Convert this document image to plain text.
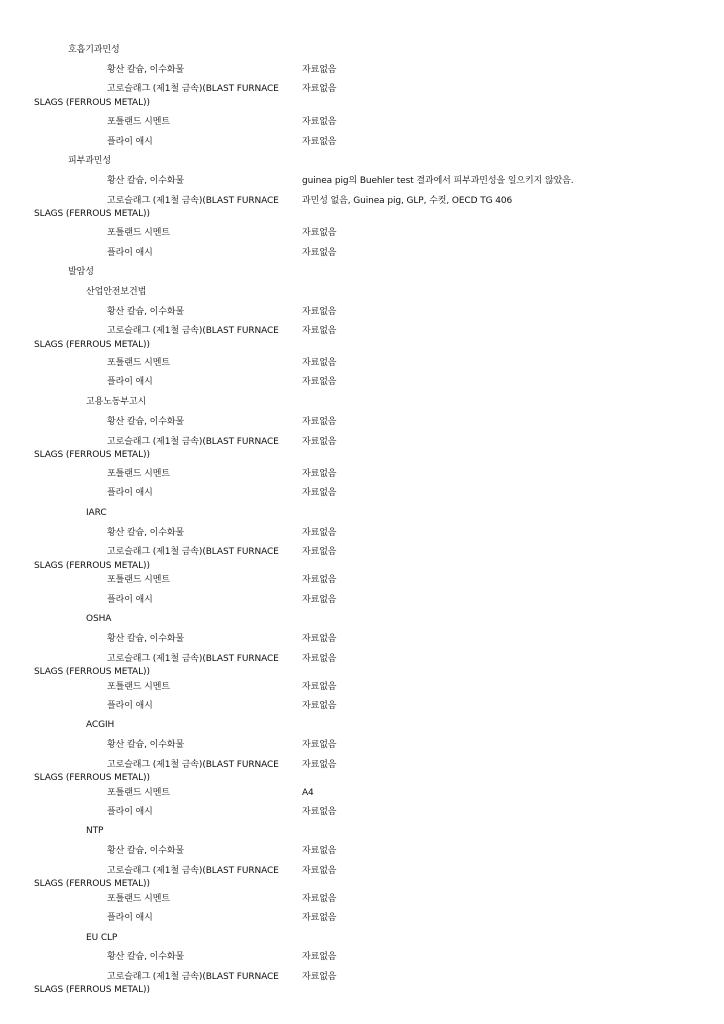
호흡기과민성
황산 칼슘, 이수화물	자료없음
고로슬래그 (제1철 금속)(BLAST FURNACE	자료없음
SLAGS (FERROUS METAL))
포틀랜드 시멘트	자료없음
플라이 애시	자료없음
피부과민성
황산 칼슘, 이수화물	guinea pig의 Buehler test 결과에서 피부과민성을 일으키지 않았음.
고로슬래그 (제1철 금속)(BLAST FURNACE	과민성 없음, Guinea pig, GLP, 수컷, OECD TG 406
SLAGS (FERROUS METAL))
포틀랜드 시멘트	자료없음
플라이 애시	자료없음
발암성
산업안전보건법
황산 칼슘, 이수화물	자료없음
고로슬래그 (제1철 금속)(BLAST FURNACE	자료없음
SLAGS (FERROUS METAL))
포틀랜드 시멘트	자료없음
플라이 애시	자료없음
고용노동부고시
황산 칼슘, 이수화물	자료없음
고로슬래그 (제1철 금속)(BLAST FURNACE	자료없음
SLAGS (FERROUS METAL))
포틀랜드 시멘트	자료없음
플라이 애시	자료없음
IARC
황산 칼슘, 이수화물	자료없음
고로슬래그 (제1철 금속)(BLAST FURNACE	자료없음
SLAGS (FERROUS METAL))
포틀랜드 시멘트	자료없음
플라이 애시	자료없음
OSHA
황산 칼슘, 이수화물	자료없음
고로슬래그 (제1철 금속)(BLAST FURNACE	자료없음
SLAGS (FERROUS METAL))
포틀랜드 시멘트	자료없음
플라이 애시	자료없음
ACGIH
황산 칼슘, 이수화물	자료없음
고로슬래그 (제1철 금속)(BLAST FURNACE	자료없음
SLAGS (FERROUS METAL))
포틀랜드 시멘트	A4
플라이 애시	자료없음
NTP
황산 칼슘, 이수화물	자료없음
고로슬래그 (제1철 금속)(BLAST FURNACE	자료없음
SLAGS (FERROUS METAL))
포틀랜드 시멘트	자료없음
플라이 애시	자료없음
EU CLP
황산 칼슘, 이수화물	자료없음
고로슬래그 (제1철 금속)(BLAST FURNACE	자료없음
SLAGS (FERROUS METAL))
